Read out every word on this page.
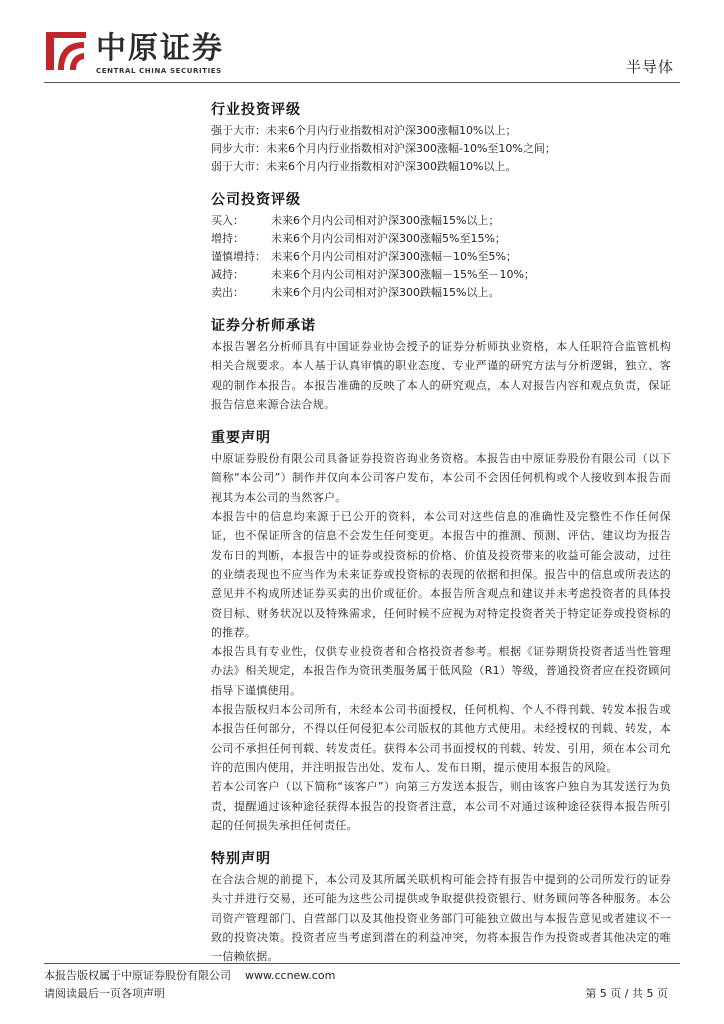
中原证券
CENTRAL CHINA SECURITIES	半导体
行业投资评级
强于大市：未来6个月内行业指数相对沪深300涨幅10%以上；
同步大市：未来6个月内行业指数相对沪深300涨幅-10%至10%之间；
弱于大市：未来6个月内行业指数相对沪深300跌幅10%以上。
公司投资评级
买入：	未来6个月内公司相对沪深300涨幅15%以上；
增持：	未来6个月内公司相对沪深300涨幅5%至15%；
谨慎增持： 未来6个月内公司相对沪深300涨幅－10%至5%；
减持：	未来6个月内公司相对沪深300涨幅－15%至－10%；
卖出：	未来6个月内公司相对沪深300跌幅15%以上。
证券分析师承诺

本报告署名分析师具有中国证券业协会授予的证券分析师执业资格，本人任职符合监管机构相关合规要求。本人基于认真审慎的职业态度、专业严谨的研究方法与分析逻辑，独立、客观的制作本报告。本报告准确的反映了本人的研究观点，本人对报告内容和观点负责，保证报告信息来源合法合规。

重要声明

中原证券股份有限公司具备证券投资咨询业务资格。本报告由中原证券股份有限公司（以下简称“本公司”）制作并仅向本公司客户发布，本公司不会因任何机构或个人接收到本报告而视其为本公司的当然客户。

本报告中的信息均来源于已公开的资料，本公司对这些信息的准确性及完整性不作任何保证，也不保证所含的信息不会发生任何变更。本报告中的推测、预测、评估、建议均为报告发布日的判断，本报告中的证券或投资标的价格、价值及投资带来的收益可能会波动，过往的业绩表现也不应当作为未来证券或投资标的表现的依据和担保。报告中的信息或所表达的意见并不构成所述证券买卖的出价或征价。本报告所含观点和建议并未考虑投资者的具体投资目标、财务状况以及特殊需求，任何时候不应视为对特定投资者关于特定证券或投资标的的推荐。

本报告具有专业性，仅供专业投资者和合格投资者参考。根据《证券期货投资者适当性管理办法》相关规定，本报告作为资讯类服务属于低风险（R1）等级，普通投资者应在投资顾问指导下谨慎使用。

本报告版权归本公司所有，未经本公司书面授权，任何机构、个人不得刊载、转发本报告或本报告任何部分，不得以任何侵犯本公司版权的其他方式使用。未经授权的刊载、转发，本公司不承担任何刊载、转发责任。获得本公司书面授权的刊载、转发、引用，须在本公司允许的范围内使用，并注明报告出处、发布人、发布日期，提示使用本报告的风险。

若本公司客户（以下简称“该客户”）向第三方发送本报告，则由该客户独自为其发送行为负责，提醒通过该种途径获得本报告的投资者注意，本公司不对通过该种途径获得本报告所引起的任何损失承担任何责任。

特别声明

在合法合规的前提下，本公司及其所属关联机构可能会持有报告中提到的公司所发行的证券头寸并进行交易，还可能为这些公司提供或争取提供投资银行、财务顾问等各种服务。本公司资产管理部门、自营部门以及其他投资业务部门可能独立做出与本报告意见或者建议不一致的投资决策。投资者应当考虑到潜在的利益冲突，勿将本报告作为投资或者其他决定的唯一信赖依据。

本报告版权属于中原证券股份有限公司 www.ccnew.com
请阅读最后一页各项声明	第 5 页 / 共 5 页
